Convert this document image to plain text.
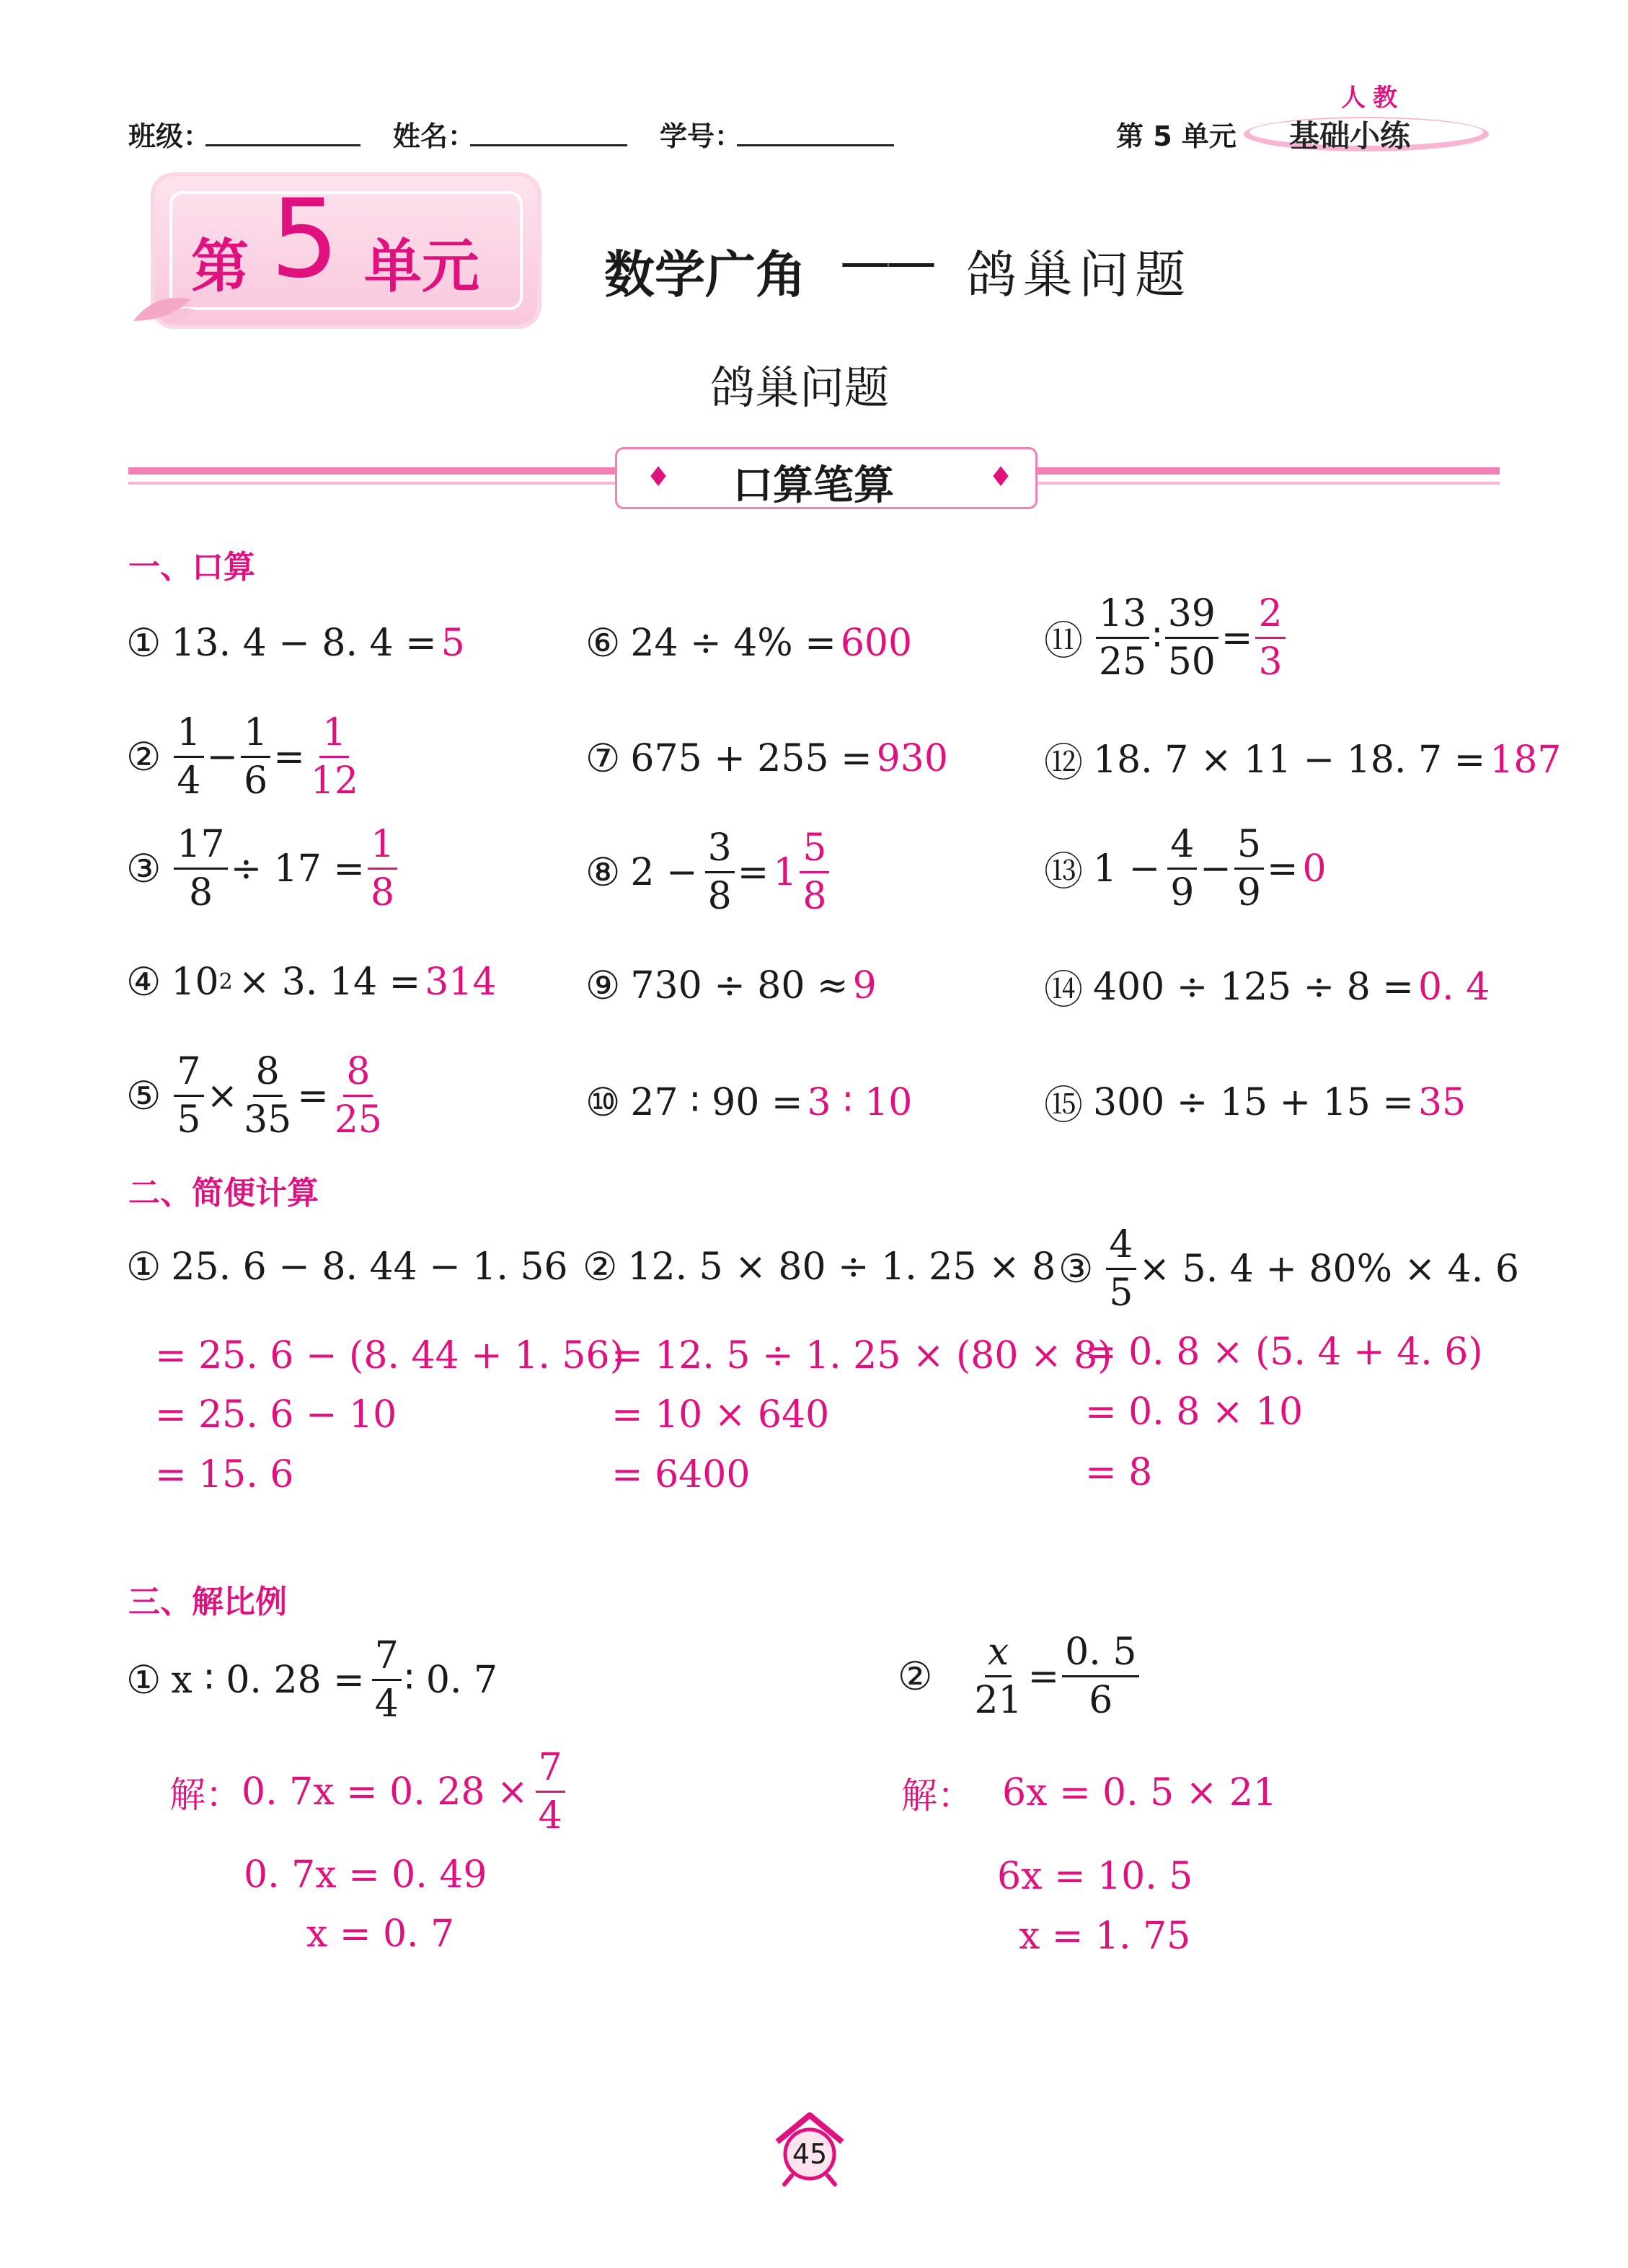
班级：	姓名：	学号：	第 5 单元 基础小练
人教
第 5 单元 数学广角 —— 鸽巢问题
鸽巢问题
♦ 口算笔算	♦
一、口算
① 13. 4 − 8. 4 = 5
② $\frac{1}{4} - \frac{1}{6} = \frac{1}{12}$
③ $\frac{17}{8} \div 17 = \frac{1}{8}$
④ 10 2 × 3. 14 = 314
⑤ $\frac{7}{5} \times \frac{8}{35} = \frac{8}{25}$
⑥ 24 ÷ 4% = 600
⑦ 675 + 255 = 930
⑧ $2 - \frac{3}{8} = 1 \frac{5}{8}$
⑨ 730 ÷ 80 ≈ 9
⑩ 27 ∶ 90 = 3 ∶ 10
⑪ $\frac{13}{25}$ ∶ $\frac{39}{50} = \frac{2}{3}$
⑫ 18. 7 × 11 − 18. 7 = 187
⑬ $1 - \frac{4}{9} - \frac{5}{9} = 0$
⑭ 400 ÷ 125 ÷ 8 = 0. 4
⑮ 300 ÷ 15 + 15 = 35
二、简便计算
① 25. 6 − 8. 44 − 1. 56
= 25. 6 − (8. 44 + 1. 56)
= 25. 6 − 10
= 15. 6
② 12. 5 × 80 ÷ 1. 25 × 8
= 12. 5 ÷ 1. 25 × (80 × 8)
= 10 × 640
= 6400
③ $\frac{4}{5} \times 5$. 4 + 80% × 4. 6
= 0. 8 × (5. 4 + 4. 6)
= 0. 8 × 10
= 8
三、解比例
① x ∶ 0. $28 = \frac{7}{4}$ ∶ 0. 7
解： 0. 7x = 0. $28 \times \frac{7}{4}$
0. 7x = 0. 49
x = 0. 7
② $\frac{x}{21} = \frac{0. 5}{6}$
解： 6x = 0. 5 × 21
6x = 10. 5
x = 1. 75
45
